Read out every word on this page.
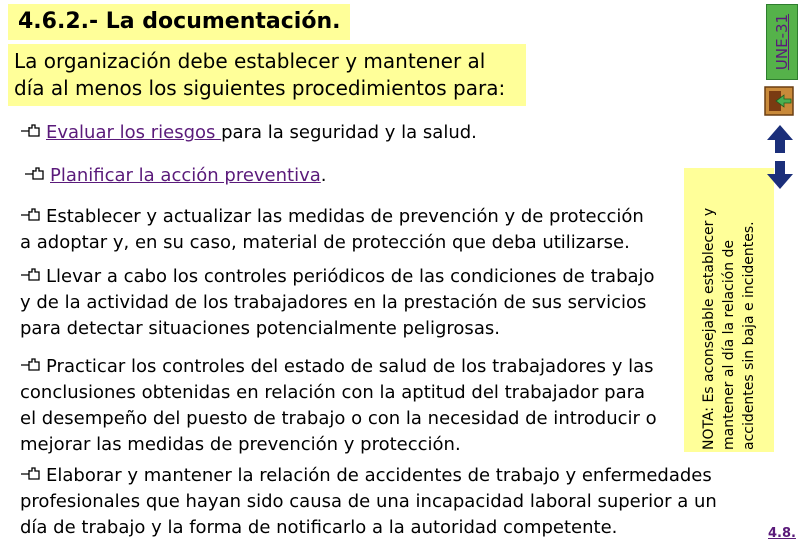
4.6.2.- La documentación.
La organización debe establecer y mantener al día al menos los siguientes procedimientos para:
Evaluar los riesgos para la seguridad y la salud.
Planificar la acción preventiva.
Establecer y actualizar las medidas de prevención y de protección a adoptar y, en su caso, material de protección que deba utilizarse.
Llevar a cabo los controles periódicos de las condiciones de trabajo y de la actividad de los trabajadores en la prestación de sus servicios para detectar situaciones potencialmente peligrosas.
Practicar los controles del estado de salud de los trabajadores y las conclusiones obtenidas en relación con la aptitud del trabajador para el desempeño del puesto de trabajo o con la necesidad de introducir o mejorar las medidas de prevención y protección.
Elaborar y mantener la relación de accidentes de trabajo y enfermedades profesionales que hayan sido causa de una incapacidad laboral superior a un día de trabajo y la forma de notificarlo a la autoridad competente.
NOTA: Es aconsejable establecer y mantener al día la relación de accidentes sin baja e incidentes.
UNE-31
4.8.
